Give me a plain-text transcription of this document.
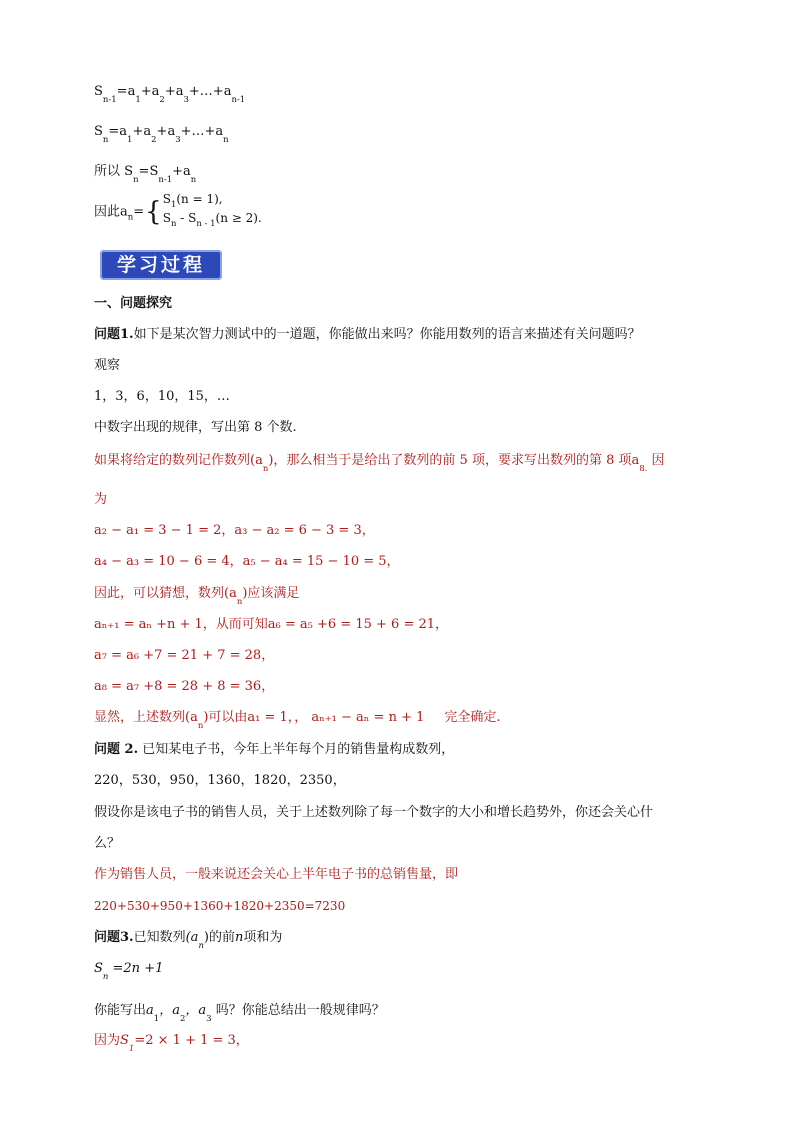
$S_{n-1}=a_1+a_2+a_3+\dots+a_{n-1}$
$S_n=a_1+a_2+a_3+\dots+a_n$
所以 $S_n=S_{n-1}+a_n$
因此$a_n=\{S_1(n = 1)$,
$S_n - S_{n - 1}(n \ge 2)$.
学习过程
一、问题探究
问题1.如下是某次智力测试中的一道题，你能做出来吗？你能用数列的语言来描述有关问题吗？
观察
1，3，6，10，15，…
中数字出现的规律，写出第 8 个数.
如果将给定的数列记作数列$(a_n)$，那么相当于是给出了数列的前 5 项，要求写出数列的第 8 项$a_{8.}$ 因
为
a₂ − a₁ = 3 − 1 = 2，a₃ − a₂ = 6 − 3 = 3，
a₄ − a₃ = 10 − 6 = 4，a₅ − a₄ = 15 − 10 = 5，
因此，可以猜想，数列$(a_n)$应该满足
aₙ₊₁ = aₙ +n + 1，从而可知a₆ = a₅ +6 = 15 + 6 = 21，
a₇ = a₆ +7 = 21 + 7 = 28，
a₈ = a₇ +8 = 28 + 8 = 36，
显然，上述数列$(a_n)$可以由a₁ = 1，， aₙ₊₁ − aₙ = n + 1 完全确定.
问题 2. 已知某电子书，今年上半年每个月的销售量构成数列，
220，530，950，1360，1820，2350，
假设你是该电子书的销售人员，关于上述数列除了每一个数字的大小和增长趋势外，你还会关心什
么？
作为销售人员，一般来说还会关心上半年电子书的总销售量，即
220+530+950+1360+1820+2350=7230
问题3.已知数列$(a_n)$的前n项和为
$S_n =2n +1$
你能写出$a_1$，$a_2$，$a_3$ 吗？你能总结出一般规律吗？
因为$S_1=2 \times 1 + 1 = 3$，
